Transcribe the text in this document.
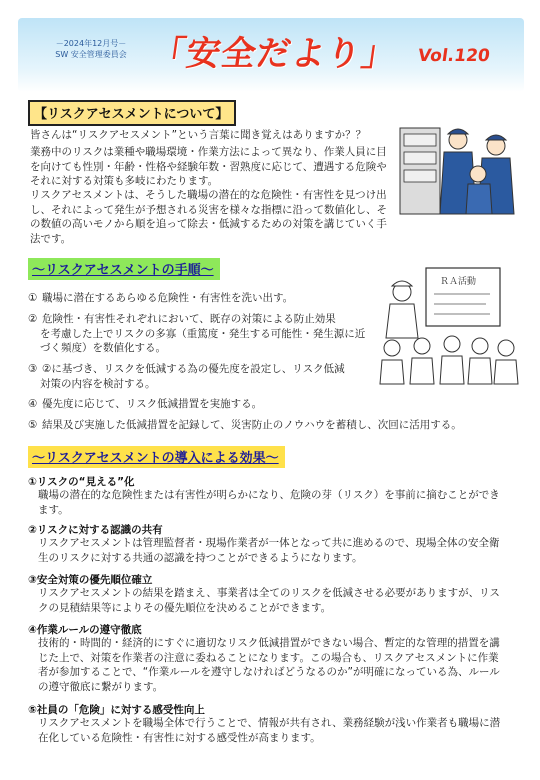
－2024年12月号－
SW 安全管理委員会 「安全だより」 Vol.120
【リスクアセスメントについて】
皆さんは“リスクアセスメント”という言葉に聞き覚えはありますか？？
業務中のリスクは業種や職場環境・作業方法によって異なり、作業人員に目を向けても性別・年齢・性格や経験年数・習熟度に応じて、遭遇する危険やそれに対する対策も多岐にわたります。
リスクアセスメントは、そうした職場の潜在的な危険性・有害性を見つけ出し、それによって発生が予想される災害を様々な指標に沿って数値化し、その数値の高いモノから順を追って除去・低減するための対策を講じていく手法です。
～リスクアセスメントの手順～
① 職場に潜在するあらゆる危険性・有害性を洗い出す。
② 危険性・有害性それぞれにおいて、既存の対策による防止効果
を考慮した上でリスクの多寡（重篤度・発生する可能性・発生源に近づく頻度）を数値化する。
③ ②に基づき、リスクを低減する為の優先度を設定し、リスク低減
対策の内容を検討する。
④ 優先度に応じて、リスク低減措置を実施する。
⑤ 結果及び実施した低減措置を記録して、災害防止のノウハウを蓄積し、次回に活用する。
ＲＡ活動
～リスクアセスメントの導入による効果～
①リスクの“見える”化
職場の潜在的な危険性または有害性が明らかになり、危険の芽（リスク）を事前に摘むことができます。
②リスクに対する認識の共有
リスクアセスメントは管理監督者・現場作業者が一体となって共に進めるので、現場全体の安全衛生のリスクに対する共通の認識を持つことができるようになります。
③安全対策の優先順位確立
リスクアセスメントの結果を踏まえ、事業者は全てのリスクを低減させる必要がありますが、リスクの見積結果等によりその優先順位を決めることができます。
④作業ルールの遵守徹底
技術的・時間的・経済的にすぐに適切なリスク低減措置ができない場合、暫定的な管理的措置を講じた上で、対策を作業者の注意に委ねることになります。この場合も、リスクアセスメントに作業者が参加することで、“作業ルールを遵守しなければどうなるのか”が明確になっている為、ルールの遵守徹底に繋がります。
⑤社員の「危険」に対する感受性向上
リスクアセスメントを職場全体で行うことで、情報が共有され、業務経験が浅い作業者も職場に潜在化している危険性・有害性に対する感受性が高まります。
